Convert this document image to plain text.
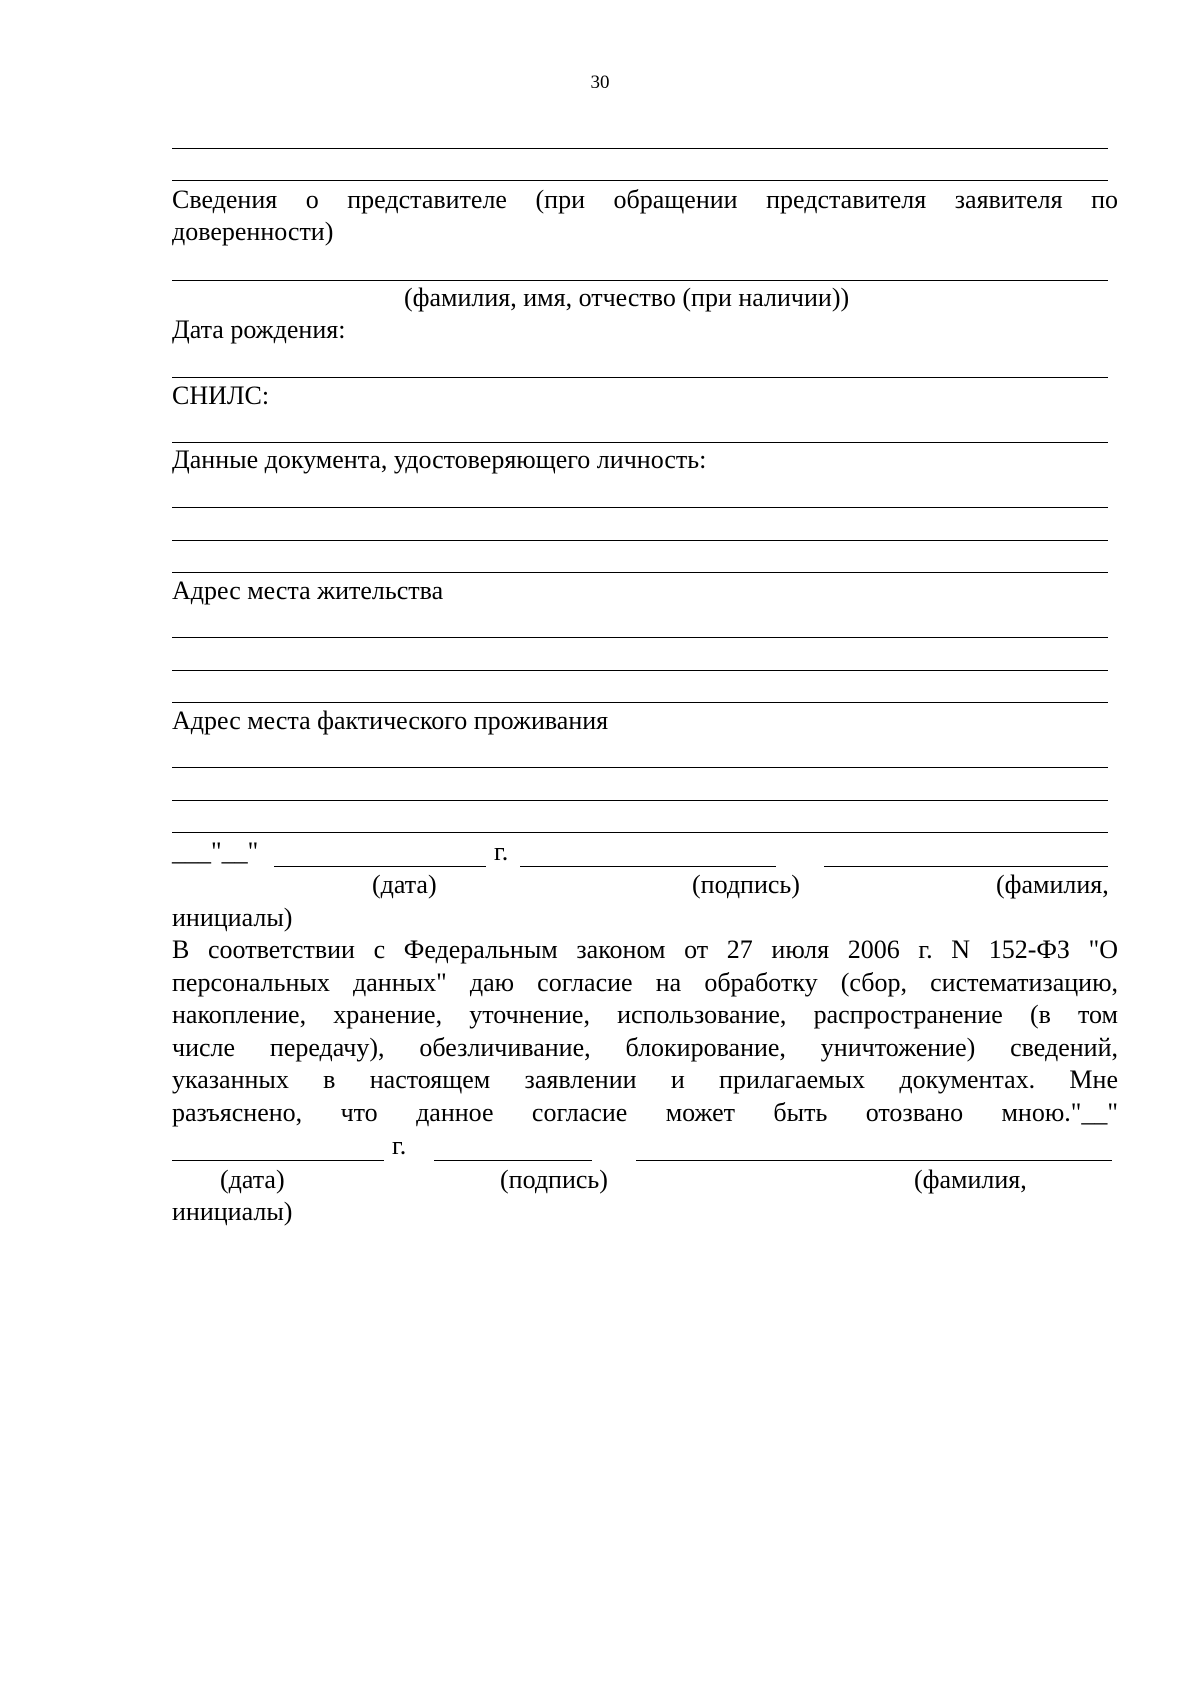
30
Сведения о представителе (при обращении представителя заявителя по
доверенности)
(фамилия, имя, отчество (при наличии))
Дата рождения:
СНИЛС:
Данные документа, удостоверяющего личность:
Адрес места жительства
Адрес места фактического проживания
___"__"	г.
(дата)	(подпись)	(фамилия,
инициалы)
В соответствии с Федеральным законом от 27 июля 2006 г. N 152-ФЗ "О
персональных данных" даю согласие на обработку (сбор, систематизацию,
накопление, хранение, уточнение, использование, распространение (в том
числе передачу), обезличивание, блокирование, уничтожение) сведений,
указанных в настоящем заявлении и прилагаемых документах. Мне
разъяснено, что данное согласие может быть отозвано мною."__"
г.
(дата)	(подпись)	(фамилия,
инициалы)
